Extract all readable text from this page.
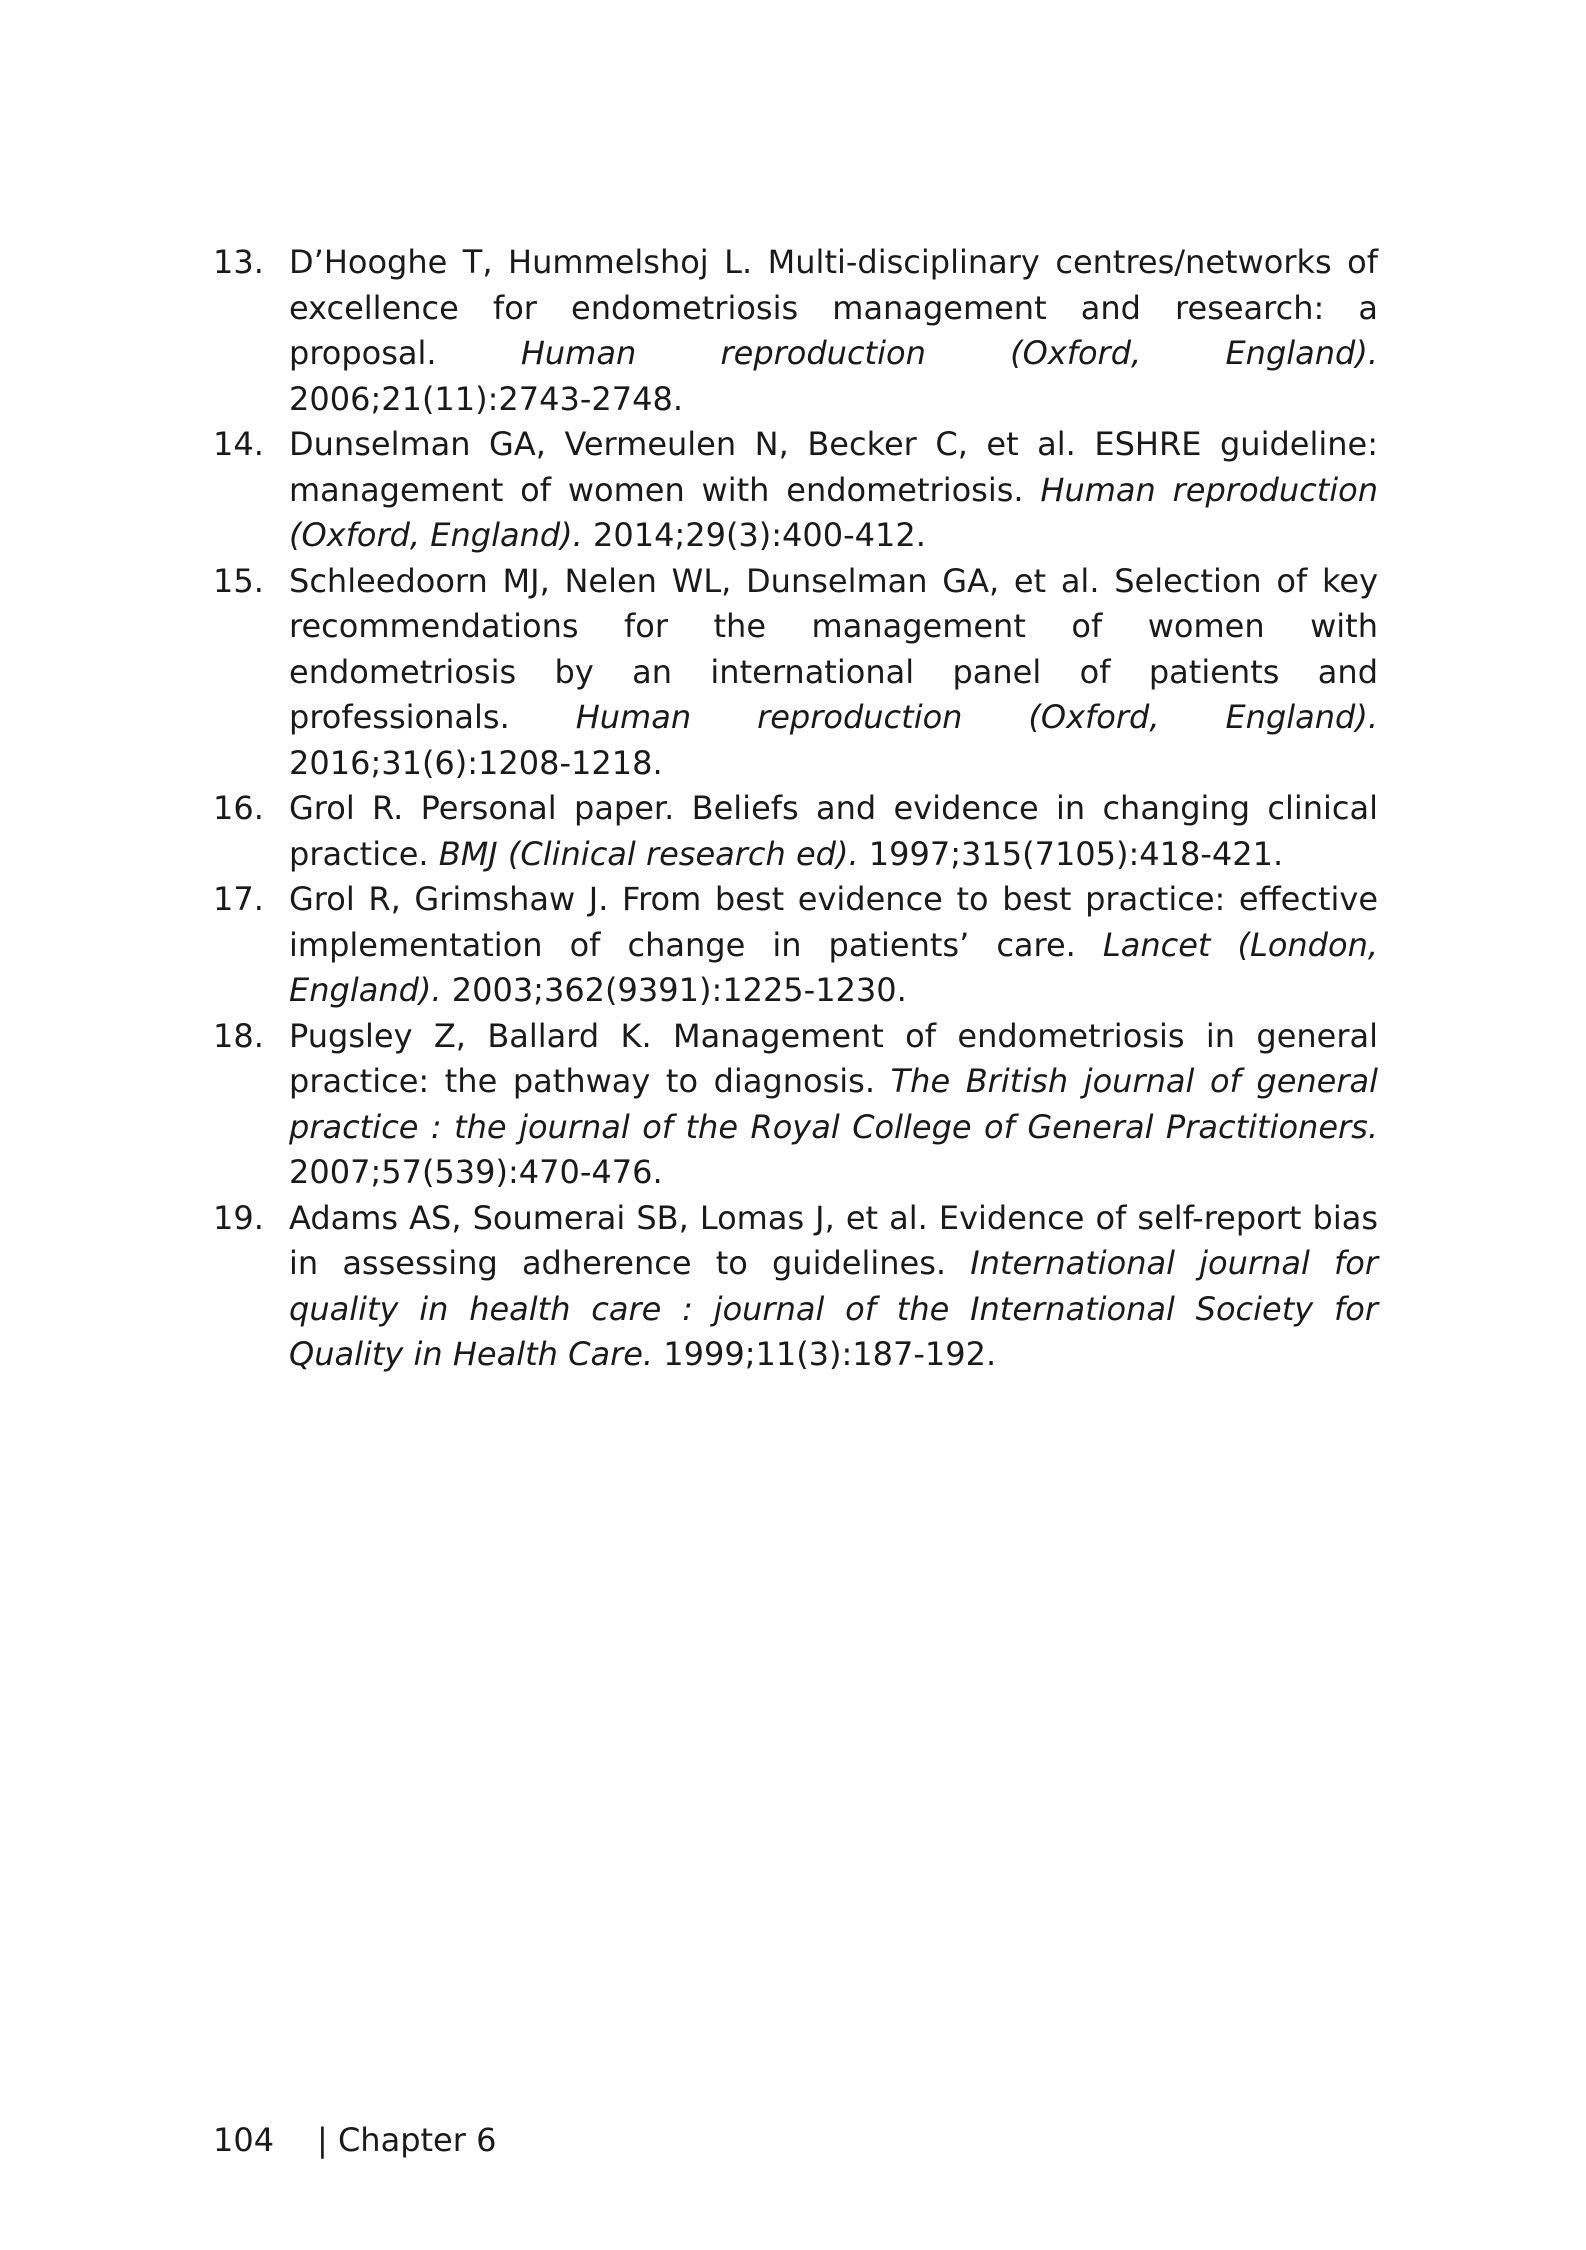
13. D’Hooghe T, Hummelshoj L. Multi-disciplinary centres/networks of excellence for endometriosis management and research: a proposal.	Human reproduction (Oxford, England). 2006;21(11):2743-2748.
14. Dunselman GA, Vermeulen N, Becker C, et al. ESHRE guideline: management of women with endometriosis. Human reproduction (Oxford, England). 2014;29(3):400-412.
15. Schleedoorn MJ, Nelen WL, Dunselman GA, et al. Selection of key recommendations for the management of women with endometriosis by an international panel of patients and professionals. Human reproduction (Oxford, England). 2016;31(6):1208-1218.
16. Grol R. Personal paper. Beliefs and evidence in changing clinical practice. BMJ (Clinical research ed). 1997;315(7105):418-421.
17. Grol R, Grimshaw J. From best evidence to best practice: effective implementation of change in patients’ care. Lancet (London, England). 2003;362(9391):1225-1230.
18. Pugsley Z, Ballard K. Management of endometriosis in general practice: the pathway to diagnosis. The British journal of general practice : the journal of the Royal College of General Practitioners. 2007;57(539):470-476.
19. Adams AS, Soumerai SB, Lomas J, et al. Evidence of self-report bias in assessing adherence to guidelines. International journal for quality in health care : journal of the International Society for Quality in Health Care. 1999;11(3):187-192.
104 | Chapter 6
